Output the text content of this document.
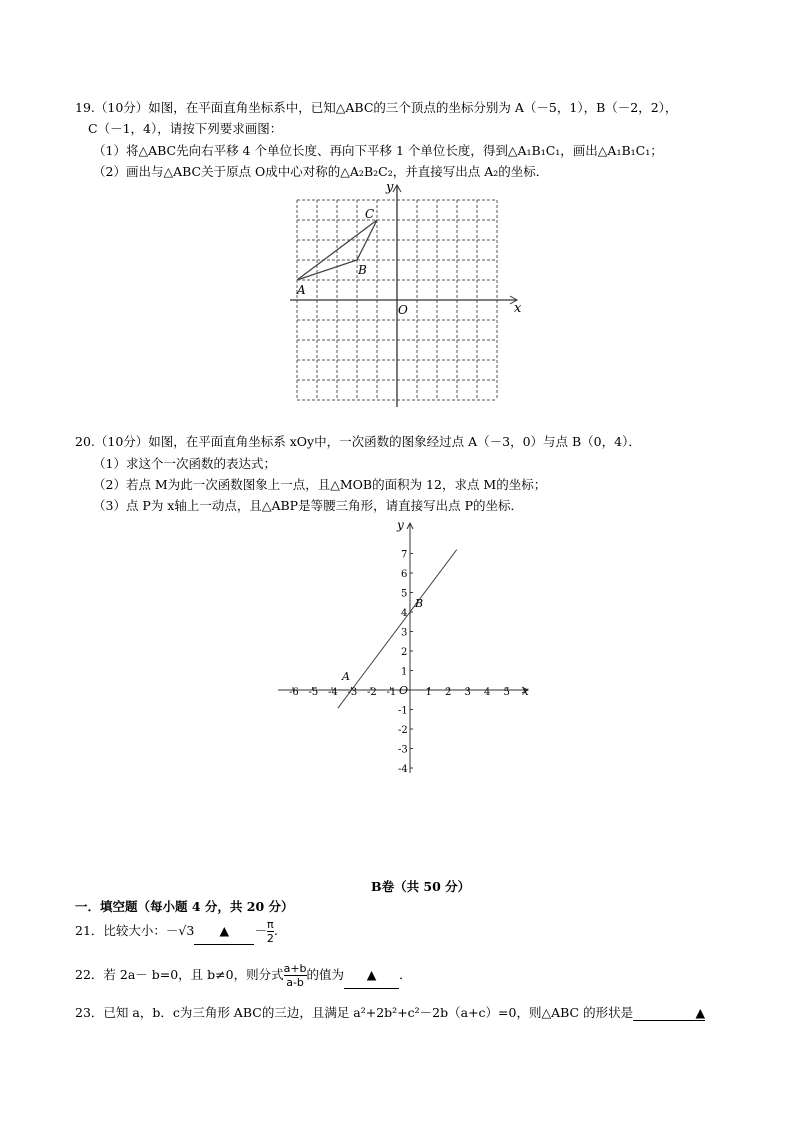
19.（10分）如图，在平面直角坐标系中，已知△ABC的三个顶点的坐标分别为 A（－5，1），B（－2，2），
C（－1，4），请按下列要求画图：
（1）将△ABC先向右平移 4 个单位长度、再向下平移 1 个单位长度，得到△A₁B₁C₁，画出△A₁B₁C₁；
（2）画出与△ABC关于原点 O成中心对称的△A₂B₂C₂，并直接写出点 A₂的坐标．
x
y
O
A
B
C
20.（10分）如图，在平面直角坐标系 xOy中，一次函数的图象经过点 A（－3，0）与点 B（0，4）．
（1）求这个一次函数的表达式；
（2）若点 M为此一次函数图象上一点，且△MOB的面积为 12，求点 M的坐标；
（3）点 P为 x轴上一动点，且△ABP是等腰三角形，请直接写出点 P的坐标．
-6 -5 -4 -3 -2 -1	1 2 3 4 5
7
6
5
4
3
2
1
-1
-2
-3
-4
x
y
O
A
B
B卷（共 50 分）
一．填空题（每小题 4 分，共 20 分）
21．比较大小：－√3 ▲ － $\frac{\pi}{2}$ .
22．若 2a－ b=0，且 b≠0，则分式 $\frac{a+b}{a-b}$ 的值为 ▲ ．
23．已知 a，b．c为三角形 ABC的三边，且满足 a²+2b²+c²－2b（a+c）=0，则△ABC 的形状是	▲
